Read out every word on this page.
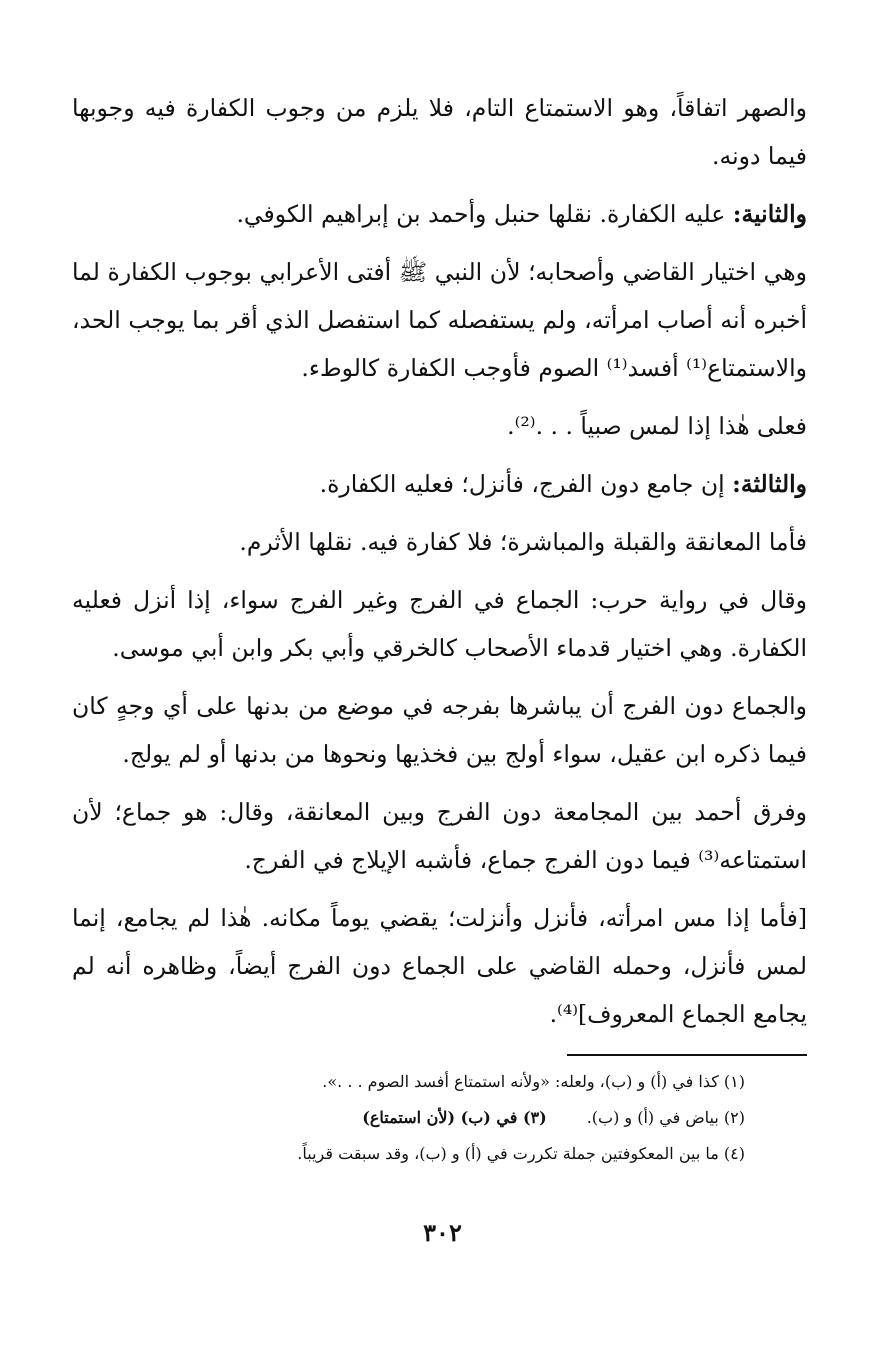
والصهر اتفاقاً، وهو الاستمتاع التام، فلا يلزم من وجوب الكفارة فيه وجوبها فيما دونه.

والثانية: عليه الكفارة. نقلها حنبل وأحمد بن إبراهيم الكوفي.

وهي اختيار القاضي وأصحابه؛ لأن النبي ﷺ أفتى الأعرابي بوجوب الكفارة لما أخبره أنه أصاب امرأته، ولم يستفصله كما استفصل الذي أقر بما يوجب الحد، والاستمتاع⁽¹⁾ أفسد⁽¹⁾ الصوم فأوجب الكفارة كالوطء.

فعلى هٰذا إذا لمس صبياً . . .⁽²⁾.

والثالثة: إن جامع دون الفرج، فأنزل؛ فعليه الكفارة.

فأما المعانقة والقبلة والمباشرة؛ فلا كفارة فيه. نقلها الأثرم.

وقال في رواية حرب: الجماع في الفرج وغير الفرج سواء، إذا أنزل فعليه الكفارة. وهي اختيار قدماء الأصحاب كالخرقي وأبي بكر وابن أبي موسى.

والجماع دون الفرج أن يباشرها بفرجه في موضع من بدنها على أي وجهٍ كان فيما ذكره ابن عقيل، سواء أولج بين فخذيها ونحوها من بدنها أو لم يولج.

وفرق أحمد بين المجامعة دون الفرج وبين المعانقة، وقال: هو جماع؛ لأن استمتاعه⁽³⁾ فيما دون الفرج جماع، فأشبه الإيلاج في الفرج.

[فأما إذا مس امرأته، فأنزل وأنزلت؛ يقضي يوماً مكانه. هٰذا لم يجامع، إنما لمس فأنزل، وحمله القاضي على الجماع دون الفرج أيضاً، وظاهره أنه لم يجامع الجماع المعروف]⁽⁴⁾.

(١) كذا في (أ) و (ب)، ولعله: «ولأنه استمتاع أفسد الصوم . . .».

(٢) بياض في (أ) و (ب).
(٣) في (ب) (لأن استمتاع)

(٤) ما بين المعكوفتين جملة تكررت في (أ) و (ب)، وقد سبقت قريباً.

٣٠٢
